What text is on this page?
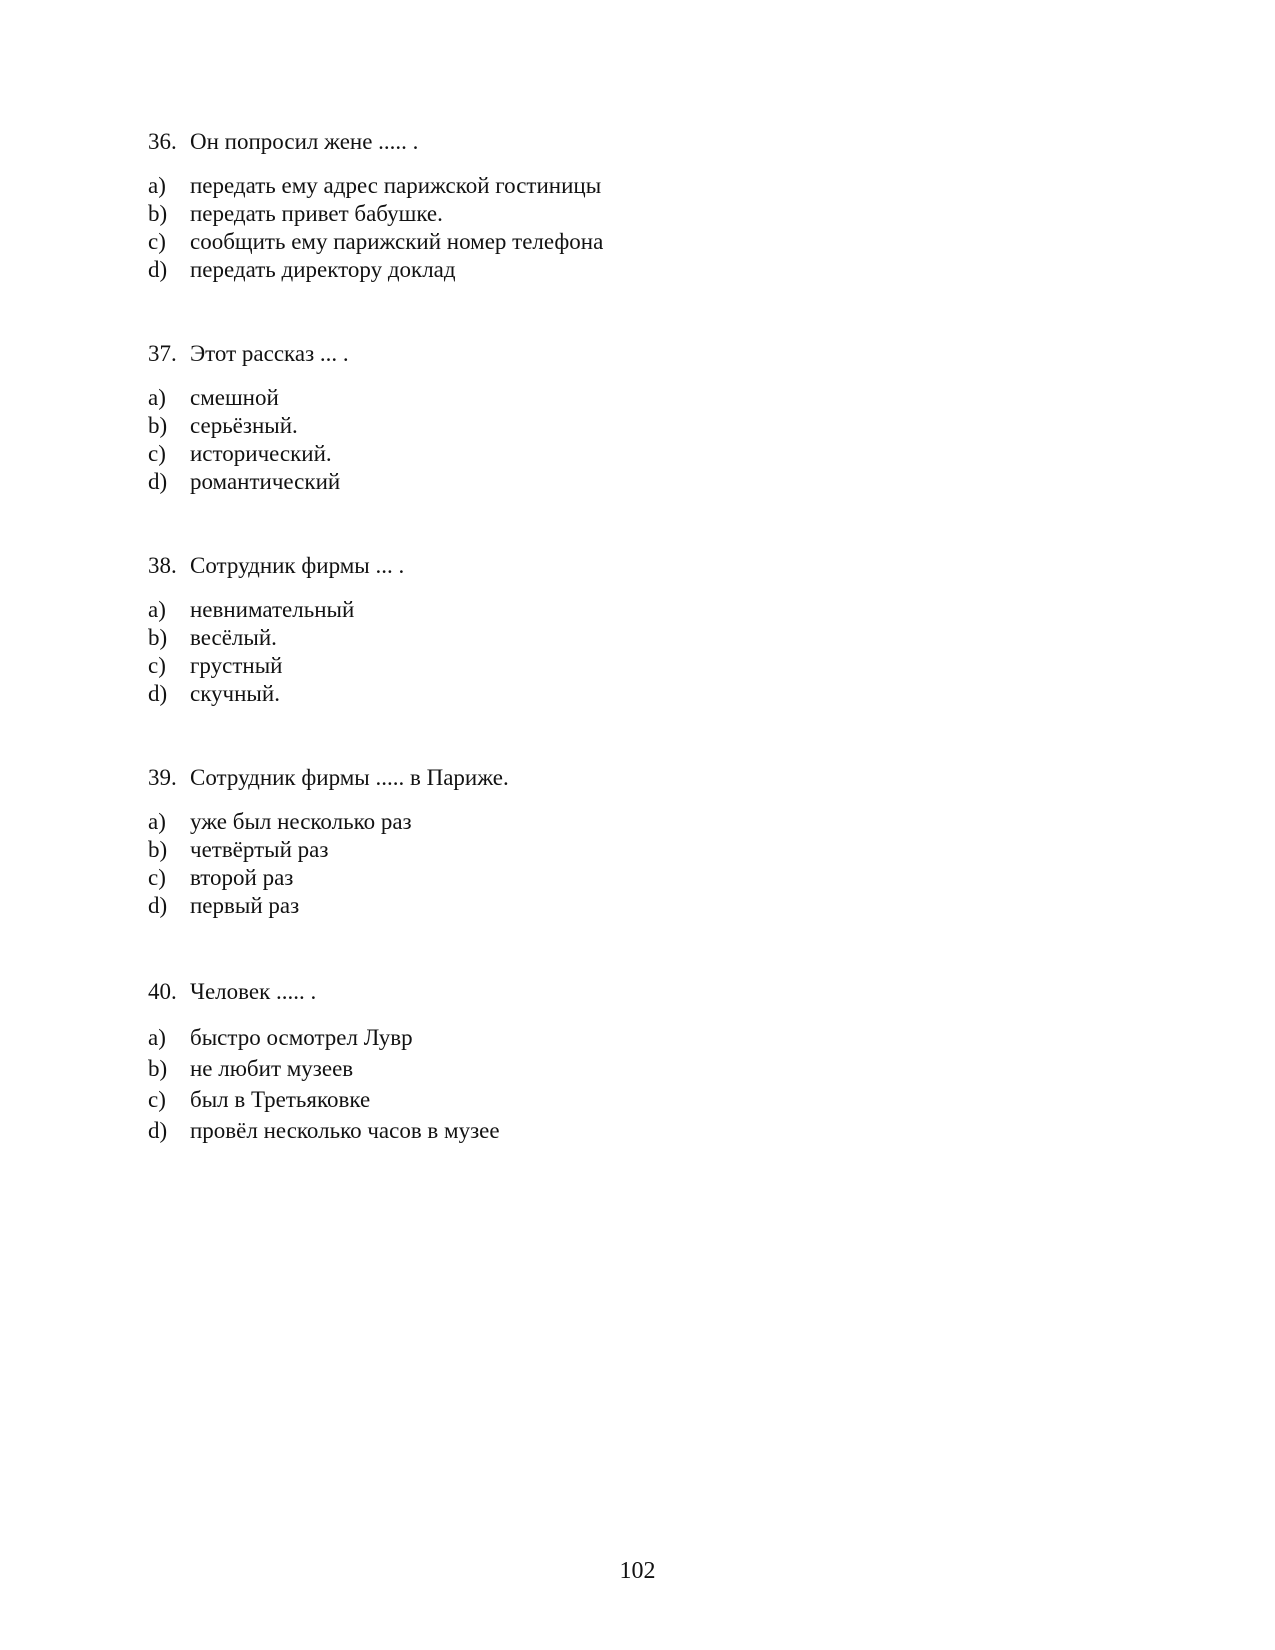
36. Он попросил жене ..... .
a)	передать ему адрес парижской гостиницы
b) передать привет бабушке.
c)	сообщить ему парижский номер телефона
d) передать директору доклад
37. Этот рассказ ... .
a)	смешной
b) серьёзный.
c)	исторический.
d) романтический
38. Сотрудник фирмы ... .
a)	невнимательный
b) весёлый.
c)	грустный
d) скучный.
39. Сотрудник фирмы ..... в Париже.
a)	уже был несколько раз
b) четвёртый раз
c)	второй раз
d) первый раз
40. Человек ..... .
a)	быстро осмотрел Лувр
b) не любит музеев
c)	был в Третьяковке
d) провёл несколько часов в музее
102
